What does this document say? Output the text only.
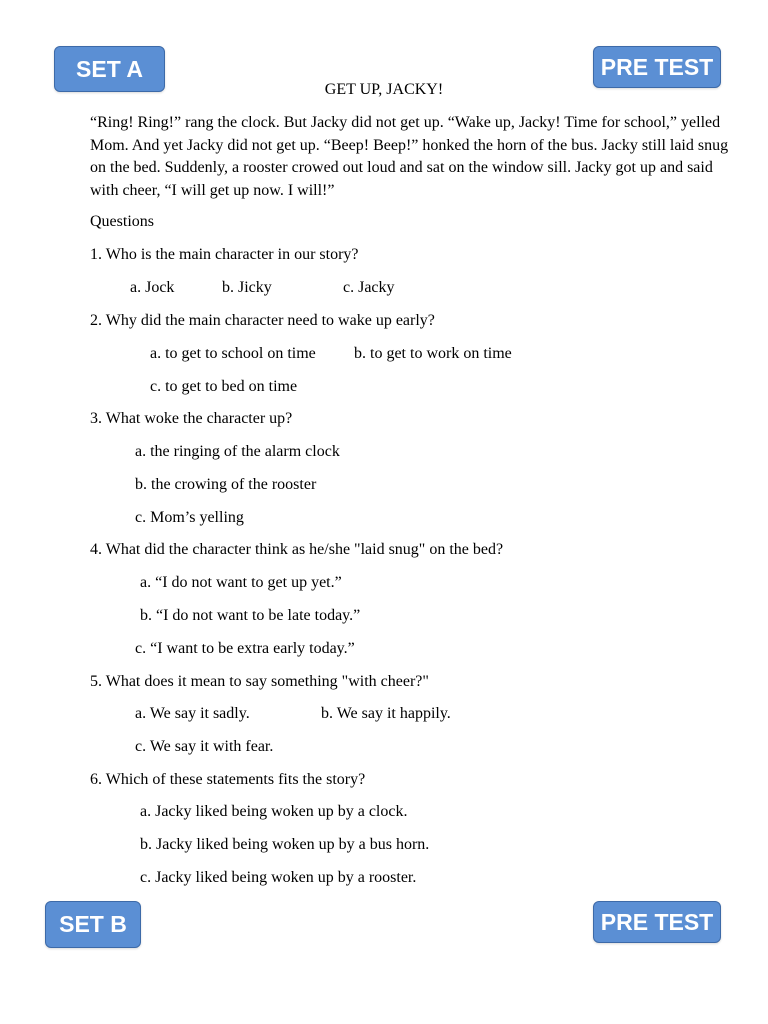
SET A	PRE TEST
SET B	PRE TEST
GET UP, JACKY!
“Ring! Ring!” rang the clock. But Jacky did not get up. “Wake up, Jacky! Time for school,” yelled Mom. And yet Jacky did not get up. “Beep! Beep!” honked the horn of the bus. Jacky still laid snug on the bed. Suddenly, a rooster crowed out loud and sat on the window sill. Jacky got up and said with cheer, “I will get up now. I will!”
Questions
1. Who is the main character in our story?
a. Jock	b. Jicky	c. Jacky
2. Why did the main character need to wake up early?
a. to get to school on time b. to get to work on time
c. to get to bed on time
3. What woke the character up?
a. the ringing of the alarm clock
b. the crowing of the rooster
c. Mom’s yelling
4. What did the character think as he/she "laid snug" on the bed?
a. “I do not want to get up yet.”
b. “I do not want to be late today.”
c. “I want to be extra early today.”
5. What does it mean to say something "with cheer?"
a. We say it sadly.	b. We say it happily.
c. We say it with fear.
6. Which of these statements fits the story?
a. Jacky liked being woken up by a clock.
b. Jacky liked being woken up by a bus horn.
c. Jacky liked being woken up by a rooster.
